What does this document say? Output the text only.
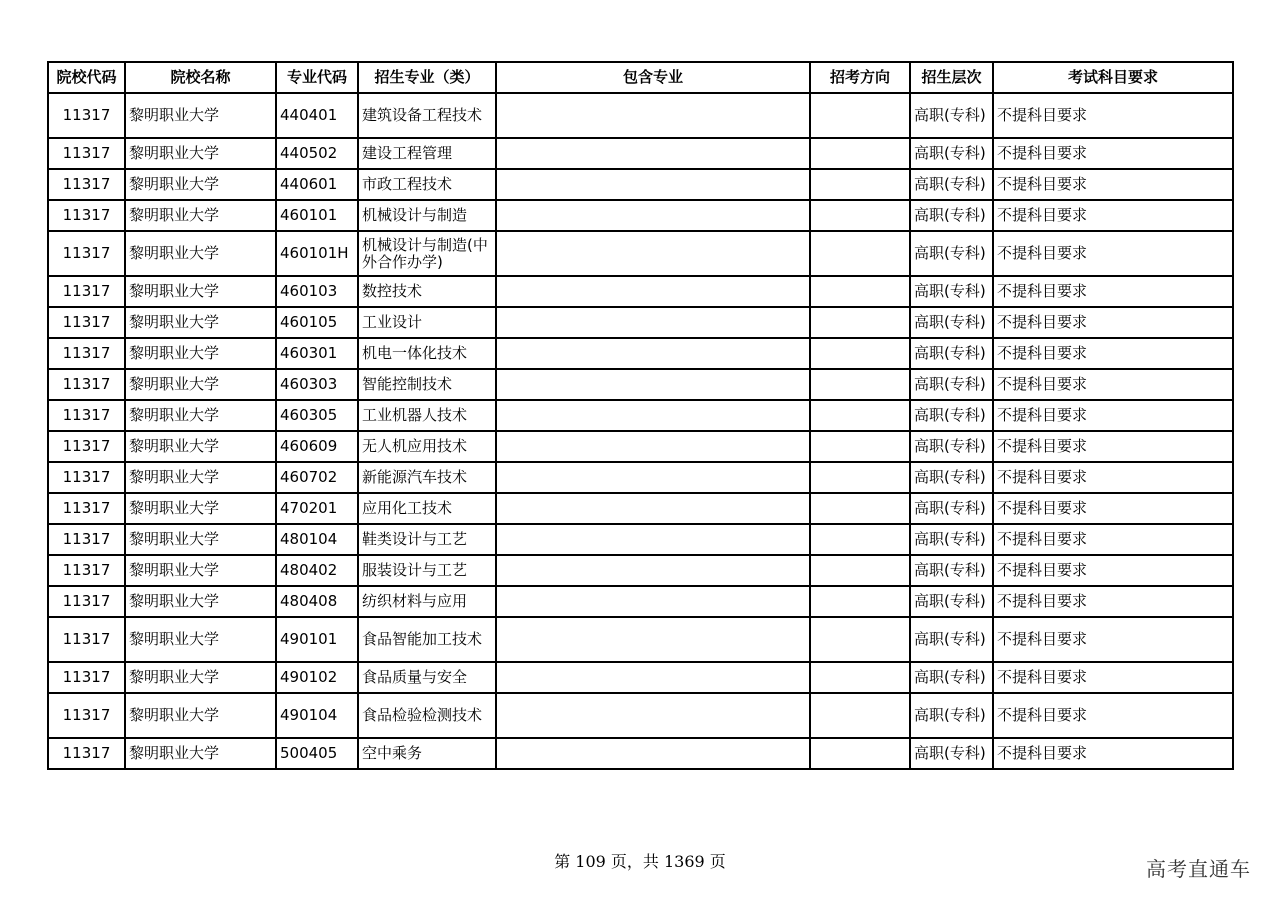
院校代码	院校名称	专业代码	招生专业（类）	包含专业	招考方向	招生层次	考试科目要求
11317	黎明职业大学	440401	建筑设备工程技术			高职(专科)	不提科目要求
11317	黎明职业大学	440502	建设工程管理			高职(专科)	不提科目要求
11317	黎明职业大学	440601	市政工程技术			高职(专科)	不提科目要求
11317	黎明职业大学	460101	机械设计与制造			高职(专科)	不提科目要求
11317	黎明职业大学	460101H	机械设计与制造(中外合作办学)			高职(专科)	不提科目要求
11317	黎明职业大学	460103	数控技术			高职(专科)	不提科目要求
11317	黎明职业大学	460105	工业设计			高职(专科)	不提科目要求
11317	黎明职业大学	460301	机电一体化技术			高职(专科)	不提科目要求
11317	黎明职业大学	460303	智能控制技术			高职(专科)	不提科目要求
11317	黎明职业大学	460305	工业机器人技术			高职(专科)	不提科目要求
11317	黎明职业大学	460609	无人机应用技术			高职(专科)	不提科目要求
11317	黎明职业大学	460702	新能源汽车技术			高职(专科)	不提科目要求
11317	黎明职业大学	470201	应用化工技术			高职(专科)	不提科目要求
11317	黎明职业大学	480104	鞋类设计与工艺			高职(专科)	不提科目要求
11317	黎明职业大学	480402	服装设计与工艺			高职(专科)	不提科目要求
11317	黎明职业大学	480408	纺织材料与应用			高职(专科)	不提科目要求
11317	黎明职业大学	490101	食品智能加工技术			高职(专科)	不提科目要求
11317	黎明职业大学	490102	食品质量与安全			高职(专科)	不提科目要求
11317	黎明职业大学	490104	食品检验检测技术			高职(专科)	不提科目要求
11317	黎明职业大学	500405	空中乘务			高职(专科)	不提科目要求
第 109 页，共 1369 页	高考直通车
